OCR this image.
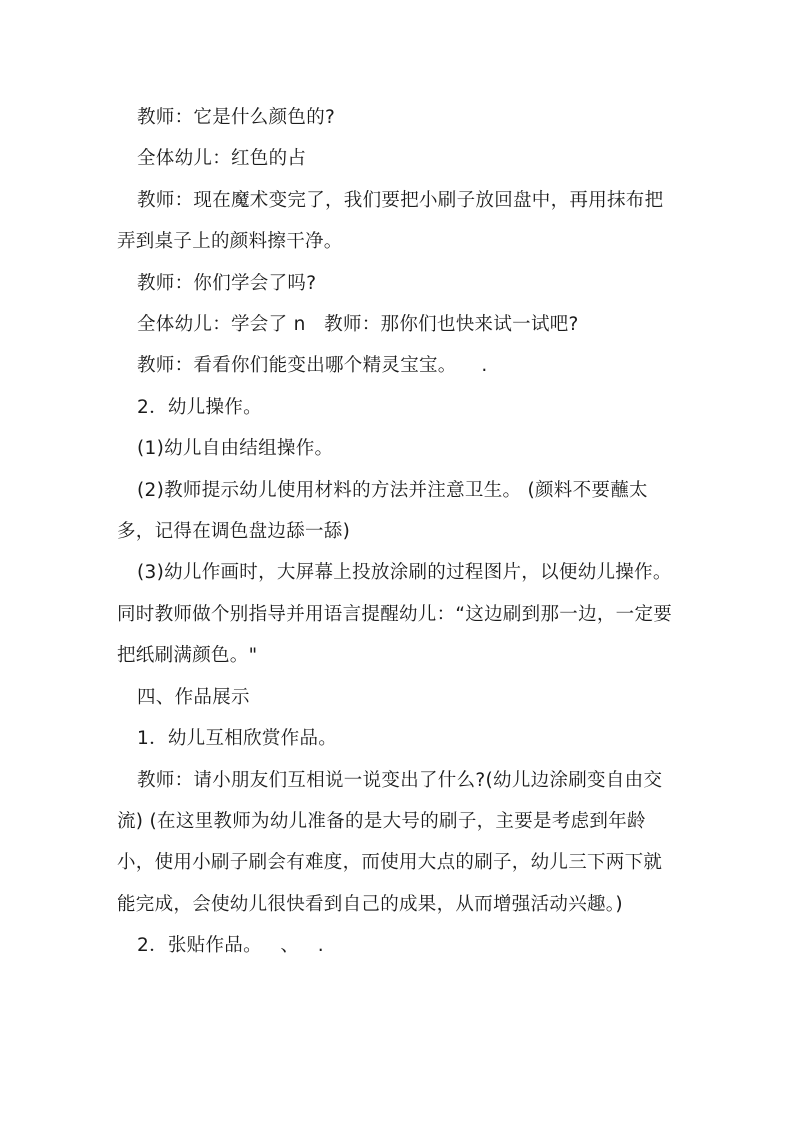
教师：它是什么颜色的?

全体幼儿：红色的占

教师：现在魔术变完了，我们要把小刷子放回盘中，再用抹布把弄到桌子上的颜料擦干净。

教师：你们学会了吗?

全体幼儿：学会了 n   教师：那你们也快来试一试吧?

教师：看看你们能变出哪个精灵宝宝。    .

2．幼儿操作。

(1)幼儿自由结组操作。

(2)教师提示幼儿使用材料的方法并注意卫生。 (颜料不要蘸太多，记得在调色盘边舔一舔)

(3)幼儿作画时，大屏幕上投放涂刷的过程图片，以便幼儿操作。同时教师做个别指导并用语言提醒幼儿：“这边刷到那一边，一定要把纸刷满颜色。"

四、作品展示

1．幼儿互相欣赏作品。

教师：请小朋友们互相说一说变出了什么?(幼儿边涂刷变自由交流) (在这里教师为幼儿准备的是大号的刷子，主要是考虑到年龄小，使用小刷子刷会有难度，而使用大点的刷子，幼儿三下两下就能完成，会使幼儿很快看到自己的成果，从而增强活动兴趣。)

2．张贴作品。   、   .
